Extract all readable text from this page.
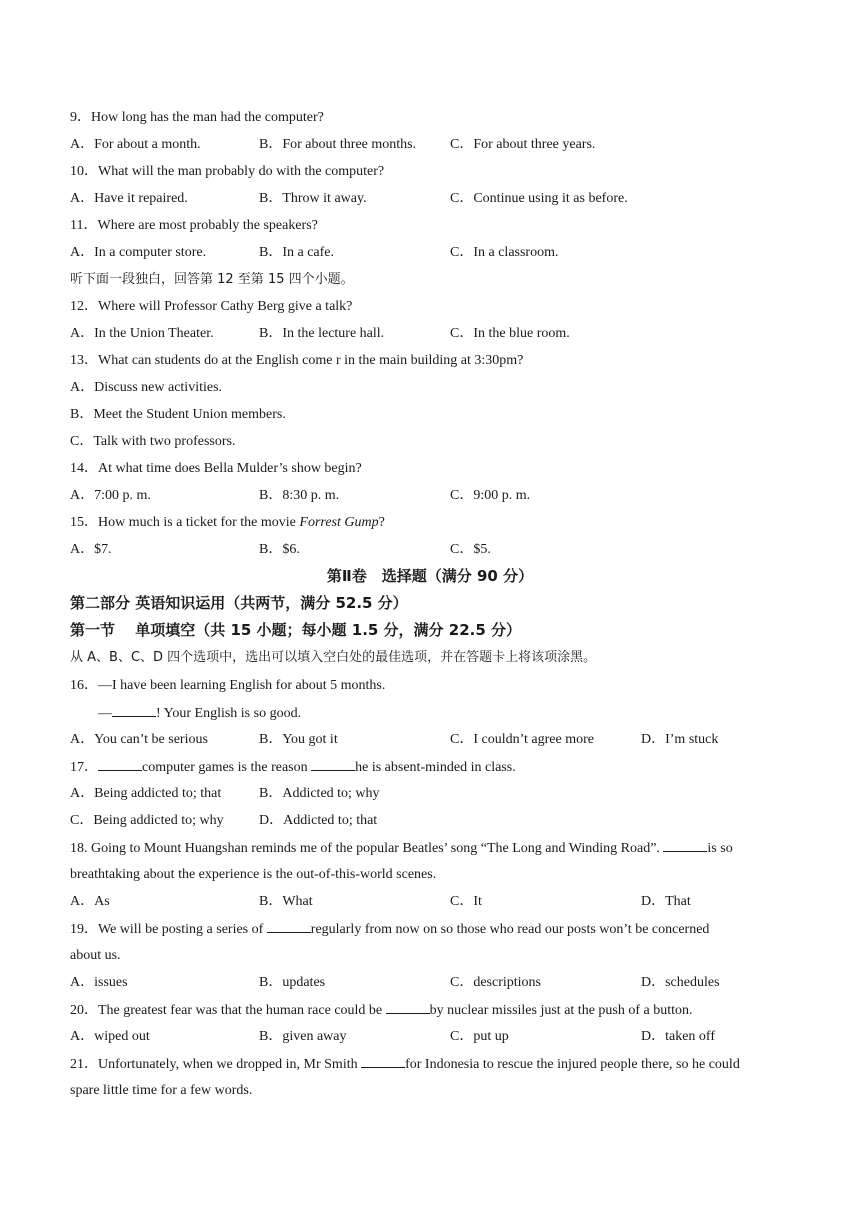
9．How long has the man had the computer?
A．For about a month.	B．For about three months. C．For about three years.
10．What will the man probably do with the computer?
A．Have it repaired.	B．Throw it away.	C．Continue using it as before.
11．Where are most probably the speakers?
A．In a computer store.	B．In a cafe.	C．In a classroom.
听下面一段独白，回答第 12 至第 15 四个小题。
12．Where will Professor Cathy Berg give a talk?
A．In the Union Theater.	B．In the lecture hall.	C．In the blue room.
13．What can students do at the English come r in the main building at 3:30pm?
A．Discuss new activities.
B．Meet the Student Union members.
C．Talk with two professors.
14．At what time does Bella Mulder’s show begin?
A．7:00 p. m.	B．8:30 p. m.	C．9:00 p. m.
15．How much is a ticket for the movie Forrest Gump?
A．$7.	B．$6.	C．$5.
第Ⅱ卷　选择题（满分 90 分）
第二部分 英语知识运用（共两节，满分 52.5 分）
第一节　 单项填空（共 15 小题；每小题 1.5 分，满分 22.5 分）
从 A、B、C、D 四个选项中，选出可以填入空白处的最佳选项，并在答题卡上将该项涂黑。
16．—I have been learning English for about 5 months.
—	! Your English is so good.
A．You can’t be serious	B．You got it	C．I couldn’t agree more	D．I’m stuck
17．	computer games is the reason	he is absent-minded in class.
A．Being addicted to; that	B．Addicted to; why
C．Being addicted to; why	D．Addicted to; that
18. Going to Mount Huangshan reminds me of the popular Beatles’ song “The Long and Winding Road”.	is so
breathtaking about the experience is the out-of-this-world scenes.
A．As	B．What	C．It	D．That
19．We will be posting a series of	regularly from now on so those who read our posts won’t be concerned
about us.
A．issues	B．updates	C．descriptions	D．schedules
20．The greatest fear was that the human race could be	by nuclear missiles just at the push of a button.
A．wiped out	B．given away	C．put up	D．taken off
21．Unfortunately, when we dropped in, Mr Smith	for Indonesia to rescue the injured people there, so he could
spare little time for a few words.
